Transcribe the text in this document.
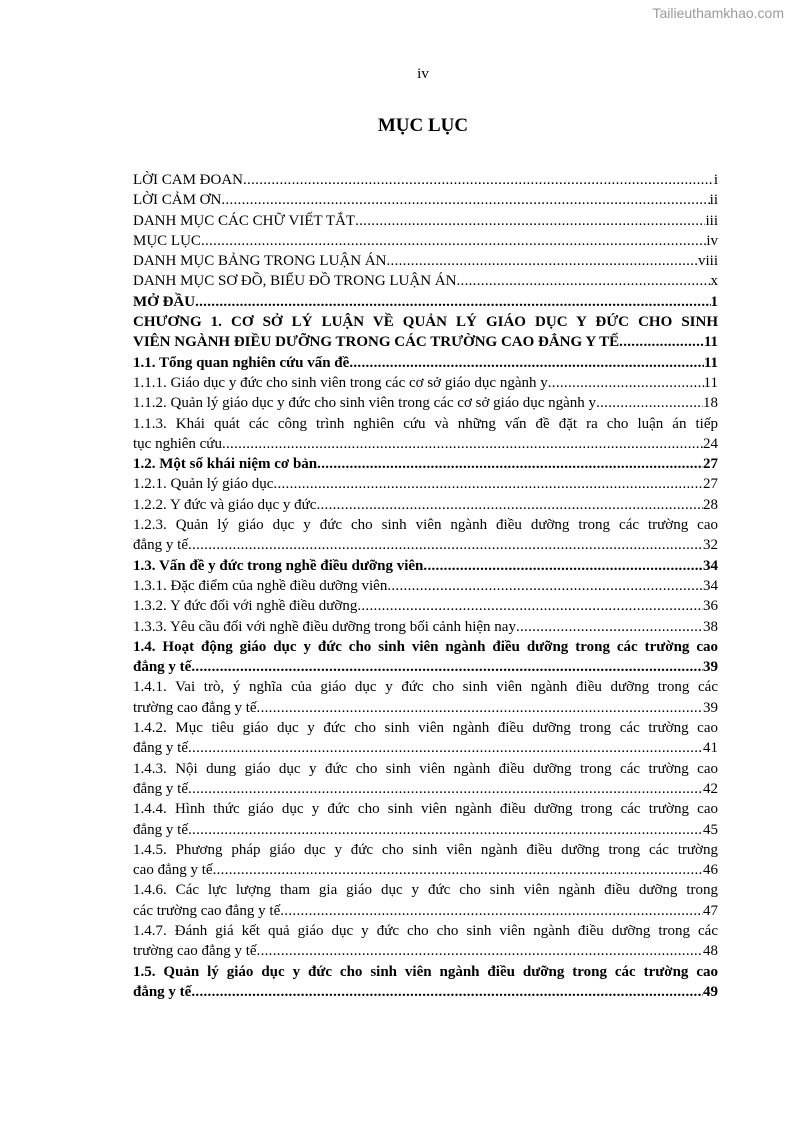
Tailieuthamkhao.com
iv
MỤC LỤC
LỜI CAM ĐOAN .....	i
LỜI CẢM ƠN .....	ii
DANH MỤC CÁC CHỮ VIẾT TẮT .....	iii
MỤC LỤC .....	iv
DANH MỤC BẢNG TRONG LUẬN ÁN .....	viii
DANH MỤC SƠ ĐỒ, BIỂU ĐỒ TRONG LUẬN ÁN .....	x
MỞ ĐẦU .....	1
CHƯƠNG 1. CƠ SỞ LÝ LUẬN VỀ QUẢN LÝ GIÁO DỤC Y ĐỨC CHO SINH
VIÊN NGÀNH ĐIỀU DƯỠNG TRONG CÁC TRƯỜNG CAO ĐẲNG Y TẾ .....	11
1.1. Tổng quan nghiên cứu vấn đề .....	11
1.1.1. Giáo dục y đức cho sinh viên trong các cơ sở giáo dục ngành y .....	11
1.1.2. Quản lý giáo dục y đức cho sinh viên trong các cơ sở giáo dục ngành y .....	18
1.1.3. Khái quát các công trình nghiên cứu và những vấn đề đặt ra cho luận án tiếp
tục nghiên cứu .....	24
1.2. Một số khái niệm cơ bản .....	27
1.2.1. Quản lý giáo dục .....	27
1.2.2. Y đức và giáo dục y đức .....	28
1.2.3. Quản lý giáo dục y đức cho sinh viên ngành điều dưỡng trong các trường cao
đẳng y tế .....	32
1.3. Vấn đề y đức trong nghề điều dưỡng viên .....	34
1.3.1. Đặc điểm của nghề điều dưỡng viên .....	34
1.3.2. Y đức đối với nghề điều dưỡng .....	36
1.3.3. Yêu cầu đối với nghề điều dưỡng trong bối cảnh hiện nay .....	38
1.4. Hoạt động giáo dục y đức cho sinh viên ngành điều dưỡng trong các trường cao
đẳng y tế .....	39
1.4.1. Vai trò, ý nghĩa của giáo dục y đức cho sinh viên ngành điều dưỡng trong các
trường cao đẳng y tế .....	39
1.4.2. Mục tiêu giáo dục y đức cho sinh viên ngành điều dưỡng trong các trường cao
đẳng y tế .....	41
1.4.3. Nội dung giáo dục y đức cho sinh viên ngành điều dưỡng trong các trường cao
đẳng y tế .....	42
1.4.4. Hình thức giáo dục y đức cho sinh viên ngành điều dưỡng trong các trường cao
đẳng y tế .....	45
1.4.5. Phương pháp giáo dục y đức cho sinh viên ngành điều dưỡng trong các trường
cao đẳng y tế .....	46
1.4.6. Các lực lượng tham gia giáo dục y đức cho sinh viên ngành điều dưỡng trong
các trường cao đẳng y tế .....	47
1.4.7. Đánh giá kết quả giáo dục y đức cho cho sinh viên ngành điều dưỡng trong các
trường cao đẳng y tế .....	48
1.5. Quản lý giáo dục y đức cho sinh viên ngành điều dưỡng trong các trường cao
đẳng y tế .....	49
